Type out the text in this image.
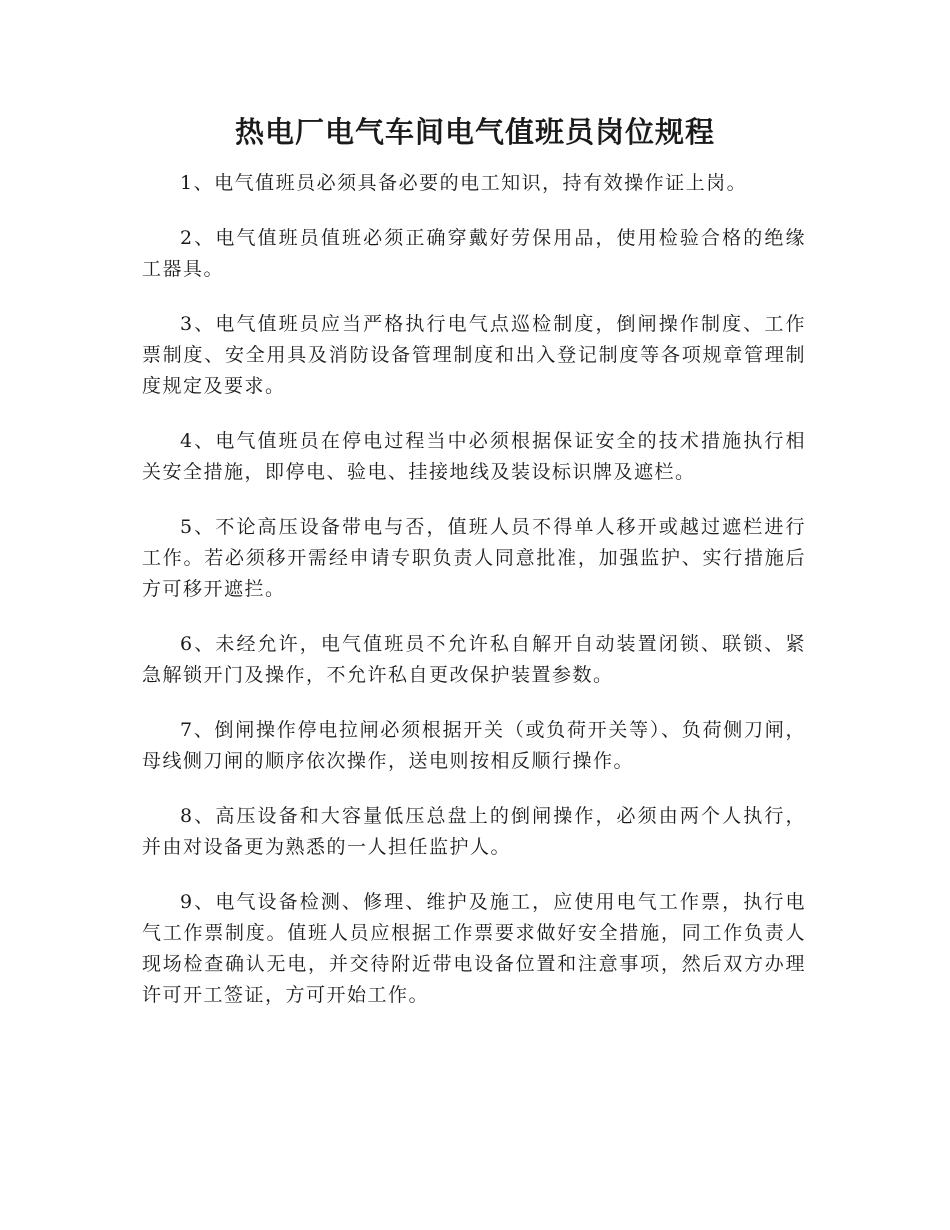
热电厂电气车间电气值班员岗位规程

1、电气值班员必须具备必要的电工知识，持有效操作证上岗。

2、电气值班员值班必须正确穿戴好劳保用品，使用检验合格的绝缘工器具。

3、电气值班员应当严格执行电气点巡检制度，倒闸操作制度、工作票制度、安全用具及消防设备管理制度和出入登记制度等各项规章管理制度规定及要求。

4、电气值班员在停电过程当中必须根据保证安全的技术措施执行相关安全措施，即停电、验电、挂接地线及装设标识牌及遮栏。

5、不论高压设备带电与否，值班人员不得单人移开或越过遮栏进行工作。若必须移开需经申请专职负责人同意批准，加强监护、实行措施后方可移开遮拦。

6、未经允许，电气值班员不允许私自解开自动装置闭锁、联锁、紧急解锁开门及操作，不允许私自更改保护装置参数。

7、倒闸操作停电拉闸必须根据开关（或负荷开关等）、负荷侧刀闸，母线侧刀闸的顺序依次操作，送电则按相反顺行操作。

8、高压设备和大容量低压总盘上的倒闸操作，必须由两个人执行，并由对设备更为熟悉的一人担任监护人。

9、电气设备检测、修理、维护及施工，应使用电气工作票，执行电气工作票制度。值班人员应根据工作票要求做好安全措施，同工作负责人现场检查确认无电，并交待附近带电设备位置和注意事项，然后双方办理许可开工签证，方可开始工作。
